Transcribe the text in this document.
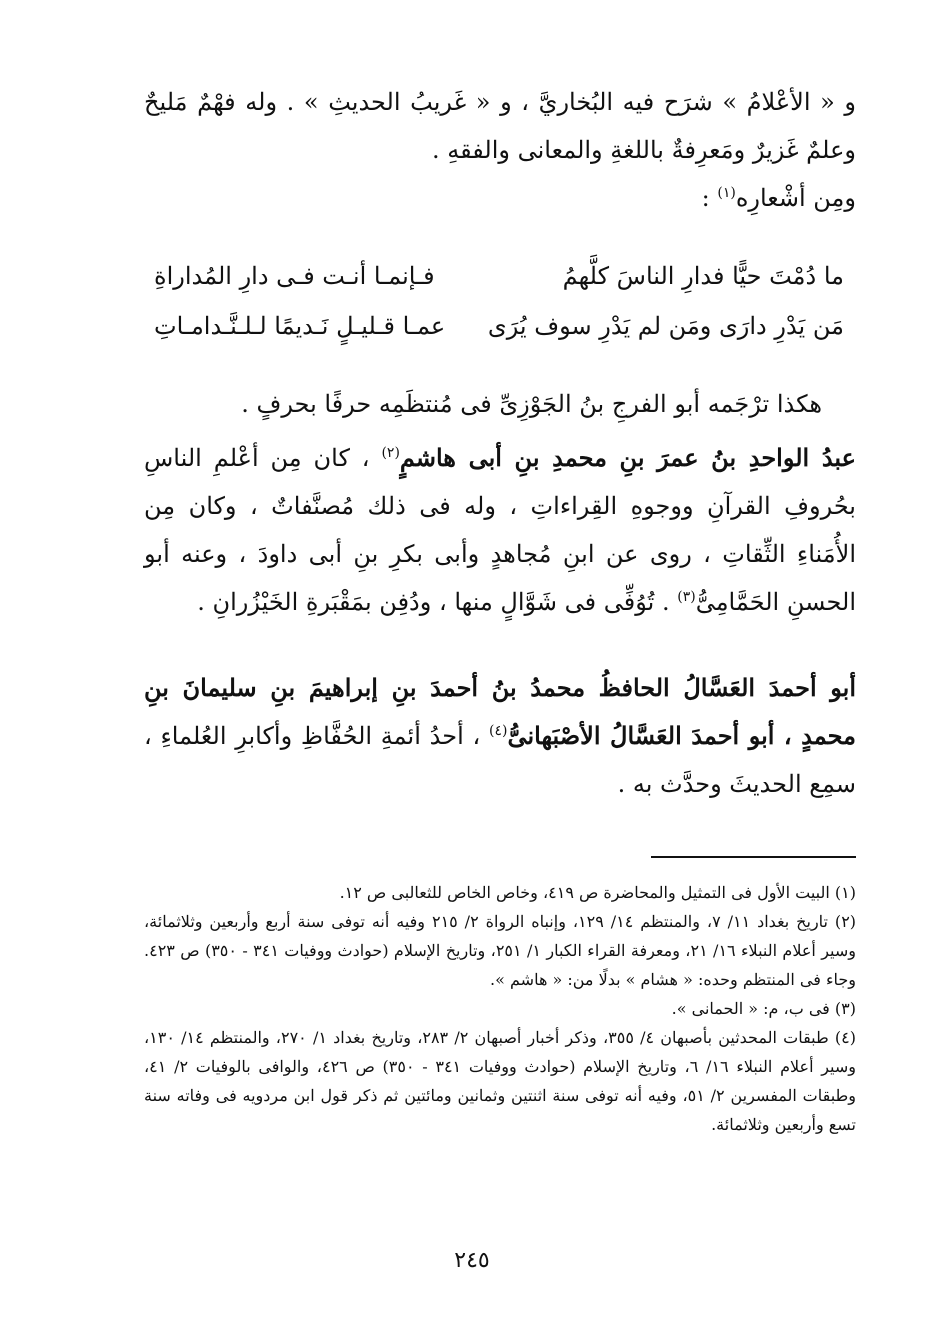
و « الأعْلامُ » شرَح فيه البُخاريَّ ، و « غَريبُ الحديثِ » . وله فهْمٌ مَليحٌ وعلمٌ غَزيرٌ ومَعرِفةٌ باللغةِ والمعانى والفقهِ .
ومِن أشْعارِه$^{(١)}$ :
ما دُمْتَ حيًّا فدارِ الناسَ كلَّهمُ
فـإنمـا أنـت فـى دارِ المُداراةِ
مَن يَدْرِ دارَى ومَن لم يَدْرِ سوف يُرَى
عمـا قـليـلٍ نَـديمًا لـلـنَّـدامـاتِ
هكذا ترْجَمه أبو الفرجِ بنُ الجَوْزِىِّ فى مُنتظَمِه حرفًا بحرفٍ .
عبدُ الواحدِ بنُ عمرَ بنِ محمدِ بنِ أبى هاشمٍ$^{(٢)}$ ، كان مِن أعْلمِ الناسِ بحُروفِ القرآنِ ووجوهِ القِراءاتِ ، وله فى ذلك مُصنَّفاتٌ ، وكان مِن الأُمَناءِ الثِّقاتِ ، روى عن ابنِ مُجاهدٍ وأبى بكرِ بنِ أبى داودَ ، وعنه أبو الحسنِ الحَمَّامِىُّ$^{(٣)}$ . تُوُفِّى فى شَوَّالٍ منها ، ودُفِن بمَقْبَرةِ الخَيْزُرانِ .
أبو أحمدَ العَسَّالُ الحافظُ محمدُ بنُ أحمدَ بنِ إبراهيمَ بنِ سليمانَ بنِ محمدٍ ، أبو أحمدَ العَسَّالُ الأصْبَهانىُّ$^{(٤)}$ ، أحدُ أئمةِ الحُفَّاظِ وأكابرِ العُلماءِ ، سمِع الحديثَ وحدَّث به .

(١) البيت الأول فى التمثيل والمحاضرة ص ٤١٩، وخاص الخاص للثعالبى ص ١٢.

(٢) تاريخ بغداد ١١/ ٧، والمنتظم ١٤/ ١٢٩، وإنباه الرواة ٢/ ٢١٥ وفيه أنه توفى سنة أربع وأربعين وثلاثمائة، وسير أعلام النبلاء ١٦/ ٢١، ومعرفة القراء الكبار ١/ ٢٥١، وتاريخ الإسلام (حوادث ووفيات ٣٤١ - ٣٥٠) ص ٤٢٣. وجاء فى المنتظم وحده: « هشام » بدلًا من: « هاشم ».

(٣) فى ب، م: « الحمانى ».

(٤) طبقات المحدثين بأصبهان ٤/ ٣٥٥، وذكر أخبار أصبهان ٢/ ٢٨٣، وتاريخ بغداد ١/ ٢٧٠، والمنتظم ١٤/ ١٣٠، وسير أعلام النبلاء ١٦/ ٦، وتاريخ الإسلام (حوادث ووفيات ٣٤١ - ٣٥٠) ص ٤٢٦، والوافى بالوفيات ٢/ ٤١، وطبقات المفسرين ٢/ ٥١، وفيه أنه توفى سنة اثنتين وثمانين ومائتين ثم ذكر قول ابن مردويه فى وفاته سنة تسع وأربعين وثلاثمائة.

٢٤٥
